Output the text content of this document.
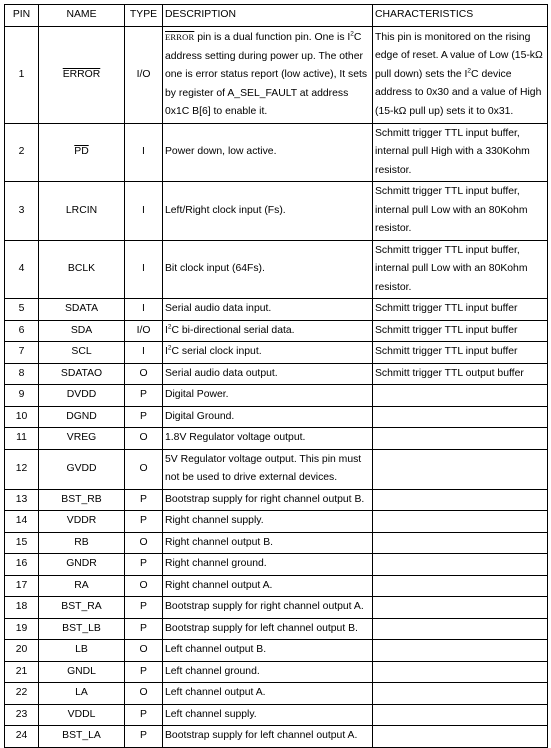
PIN	NAME	TYPE	DESCRIPTION	CHARACTERISTICS
1	ERROR	I/O	ERROR pin is a dual function pin. One is $I^2C$ address setting during power up. The other one is error status report (low active), It sets by register of A_SEL_FAULT at address 0x1C B[6] to enable it.	This pin is monitored on the rising edge of reset. A value of Low (15-kΩ pull down) sets the $I^2C$ device address to 0x30 and a value of High (15-kΩ pull up) sets it to 0x31.
2	$\overline{PD}$	I	Power down, low active.	Schmitt trigger TTL input buffer, internal pull High with a 330Kohm resistor.
3	LRCIN	I	Left/Right clock input (Fs).	Schmitt trigger TTL input buffer, internal pull Low with an 80Kohm resistor.
4	BCLK	I	Bit clock input (64Fs).	Schmitt trigger TTL input buffer, internal pull Low with an 80Kohm resistor.
5	SDATA	I	Serial audio data input.	Schmitt trigger TTL input buffer
6	SDA	I/O	$I^2C$ bi-directional serial data.	Schmitt trigger TTL input buffer
7	SCL	I	$I^2C$ serial clock input.	Schmitt trigger TTL input buffer
8	SDATAO	O	Serial audio data output.	Schmitt trigger TTL output buffer
9	DVDD	P	Digital Power.	
10	DGND	P	Digital Ground.	
11	VREG	O	1.8V Regulator voltage output.	
12	GVDD	O	5V Regulator voltage output. This pin must not be used to drive external devices.	
13	BST_RB	P	Bootstrap supply for right channel output B.	
14	VDDR	P	Right channel supply.	
15	RB	O	Right channel output B.	
16	GNDR	P	Right channel ground.	
17	RA	O	Right channel output A.	
18	BST_RA	P	Bootstrap supply for right channel output A.	
19	BST_LB	P	Bootstrap supply for left channel output B.	
20	LB	O	Left channel output B.	
21	GNDL	P	Left channel ground.	
22	LA	O	Left channel output A.	
23	VDDL	P	Left channel supply.	
24	BST_LA	P	Bootstrap supply for left channel output A.	
